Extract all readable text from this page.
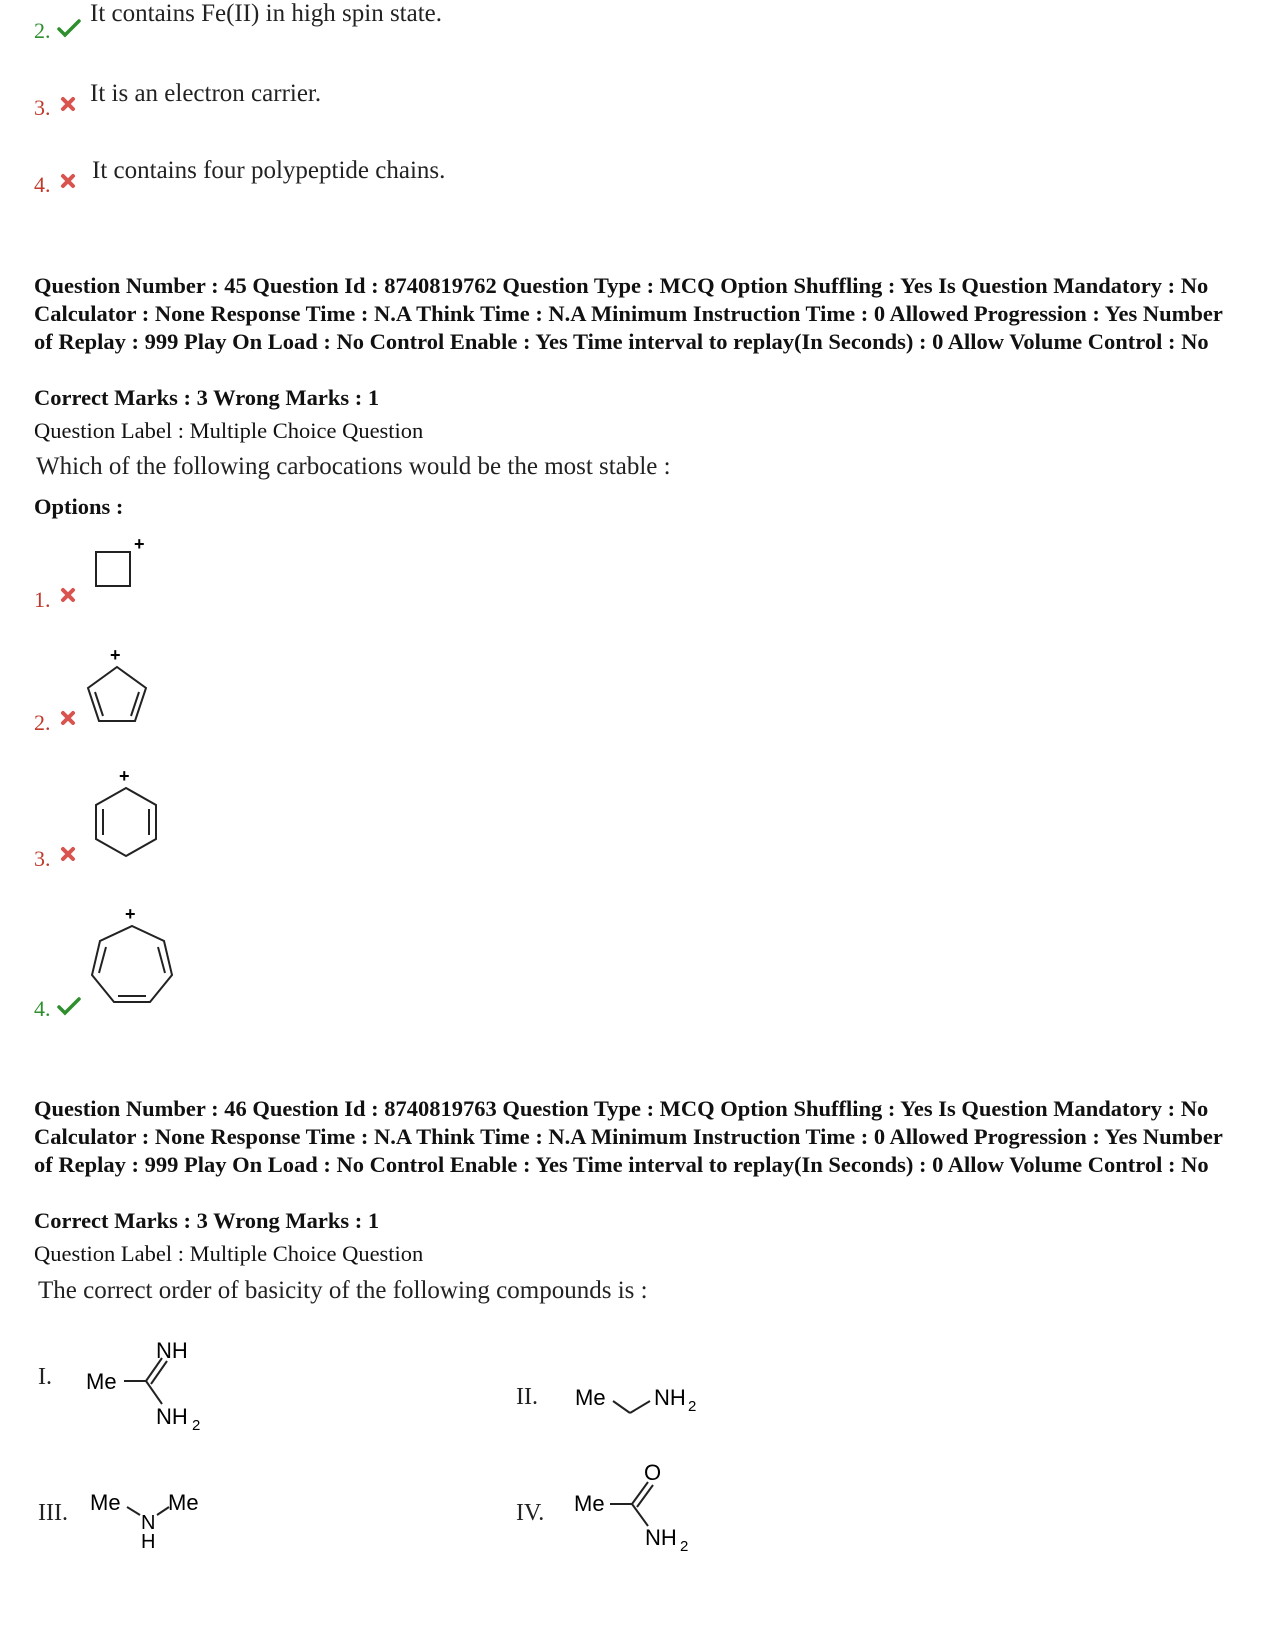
2.
It contains Fe(II) in high spin state.
3.
It is an electron carrier.
4.
It contains four polypeptide chains.
Question Number : 45 Question Id : 8740819762 Question Type : MCQ Option Shuffling : Yes Is Question Mandatory : No Calculator : None Response Time : N.A Think Time : N.A Minimum Instruction Time : 0 Allowed Progression : Yes Number of Replay : 999 Play On Load : No Control Enable : Yes Time interval to replay(In Seconds) : 0 Allow Volume Control : No
Correct Marks : 3 Wrong Marks : 1
Question Label : Multiple Choice Question
Which of the following carbocations would be the most stable :
Options :
1.
+
2.
+
3.
+
4.
+
Question Number : 46 Question Id : 8740819763 Question Type : MCQ Option Shuffling : Yes Is Question Mandatory : No Calculator : None Response Time : N.A Think Time : N.A Minimum Instruction Time : 0 Allowed Progression : Yes Number of Replay : 999 Play On Load : No Control Enable : Yes Time interval to replay(In Seconds) : 0 Allow Volume Control : No
Correct Marks : 3 Wrong Marks : 1
Question Label : Multiple Choice Question
The correct order of basicity of the following compounds is :
I. Me
NH
NH 2
II. Me NH 2
III. Me
N
Me
H
IV. Me
O
NH 2
